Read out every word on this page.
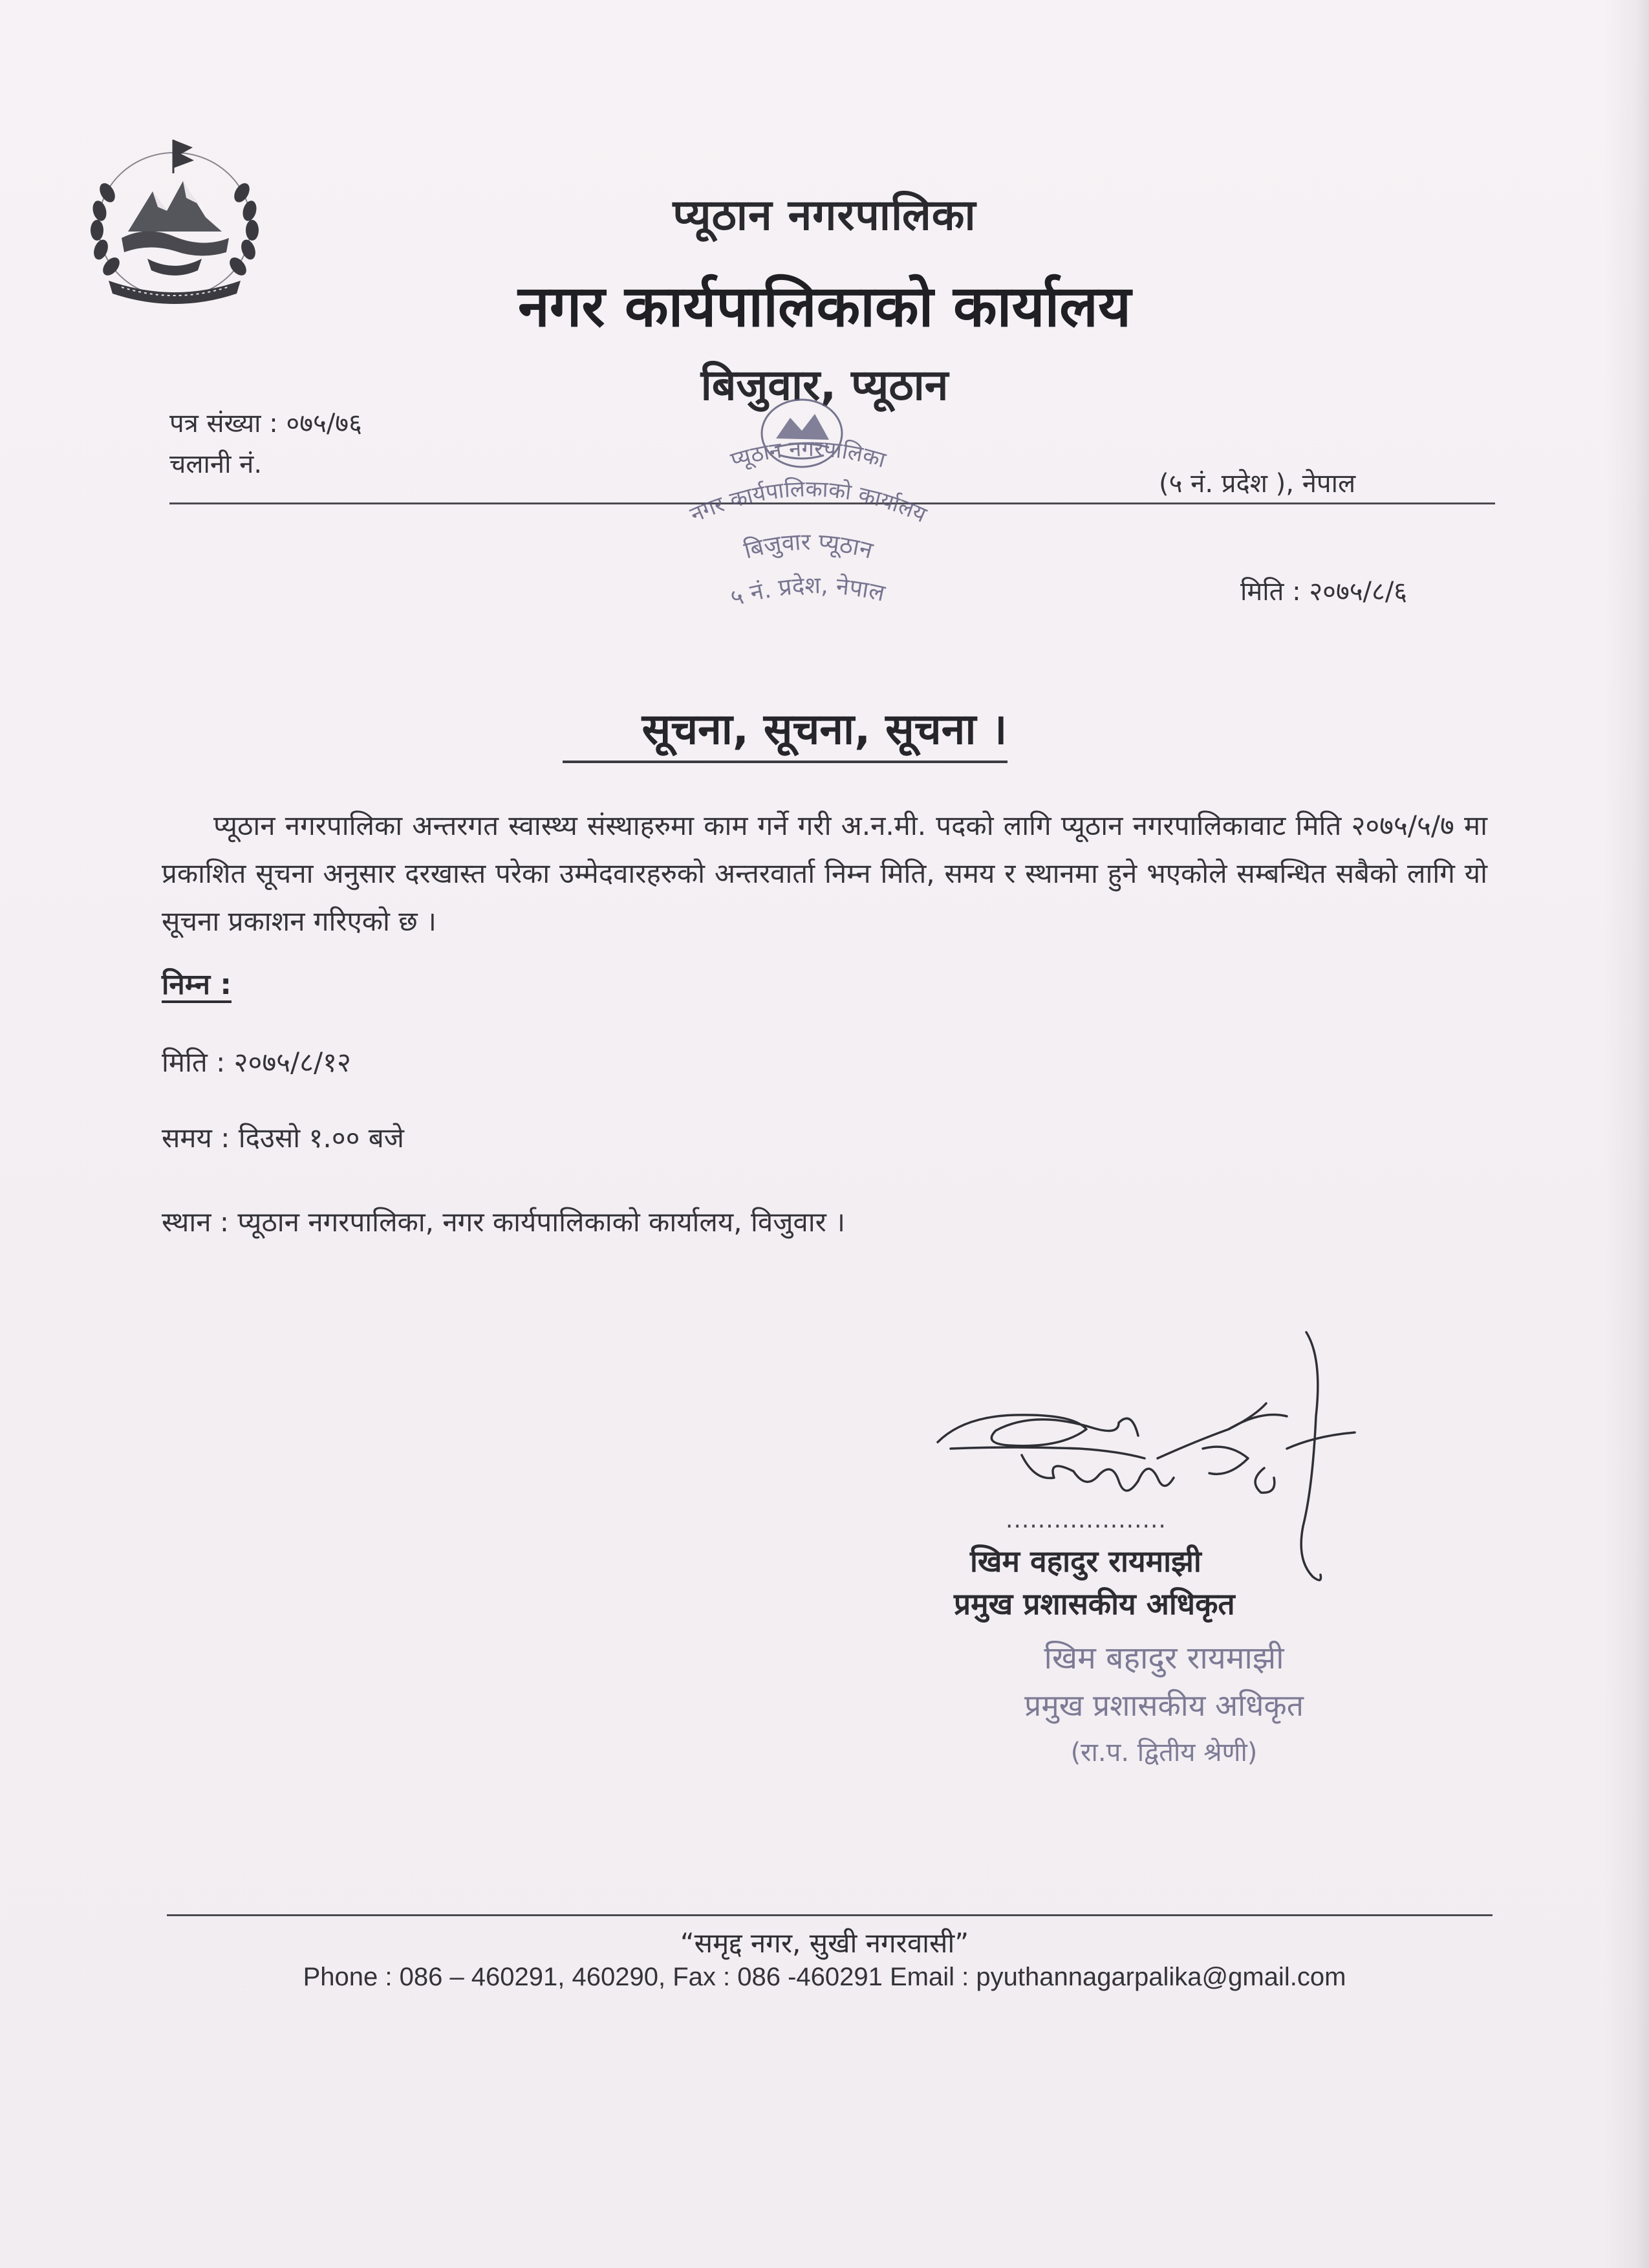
प्यूठान नगरपालिका
नगर कार्यपालिकाको कार्यालय
बिजुवार, प्यूठान
पत्र संख्या : ०७५/७६
चलानी नं.
(५ नं. प्रदेश ), नेपाल
मिति : २०७५/८/६
प्यूठान नगरपालिका
नगर कार्यपालिकाको कार्यालय
बिजुवार प्यूठान
५ नं. प्रदेश, नेपाल
सूचना, सूचना, सूचना ।
प्यूठान नगरपालिका अन्तरगत स्वास्थ्य संस्थाहरुमा काम गर्ने गरी अ.न.मी. पदको लागि प्यूठान नगरपालिकावाट मिति २०७५/५/७ मा प्रकाशित सूचना अनुसार दरखास्त परेका उम्मेदवारहरुको अन्तरवार्ता निम्न मिति, समय र स्थानमा हुने भएकोले सम्बन्धित सबैको लागि यो सूचना प्रकाशन गरिएको छ ।
निम्न :
मिति : २०७५/८/१२
समय : दिउसो १.०० बजे
स्थान : प्यूठान नगरपालिका, नगर कार्यपालिकाको कार्यालय, विजुवार ।
....................
खिम वहादुर रायमाझी
प्रमुख प्रशासकीय अधिकृत
खिम बहादुर रायमाझी
प्रमुख प्रशासकीय अधिकृत
(रा.प. द्वितीय श्रेणी)
“समृद्द नगर, सुखी नगरवासी”
Phone : 086 – 460291, 460290, Fax : 086 -460291 Email : pyuthannagarpalika@gmail.com
